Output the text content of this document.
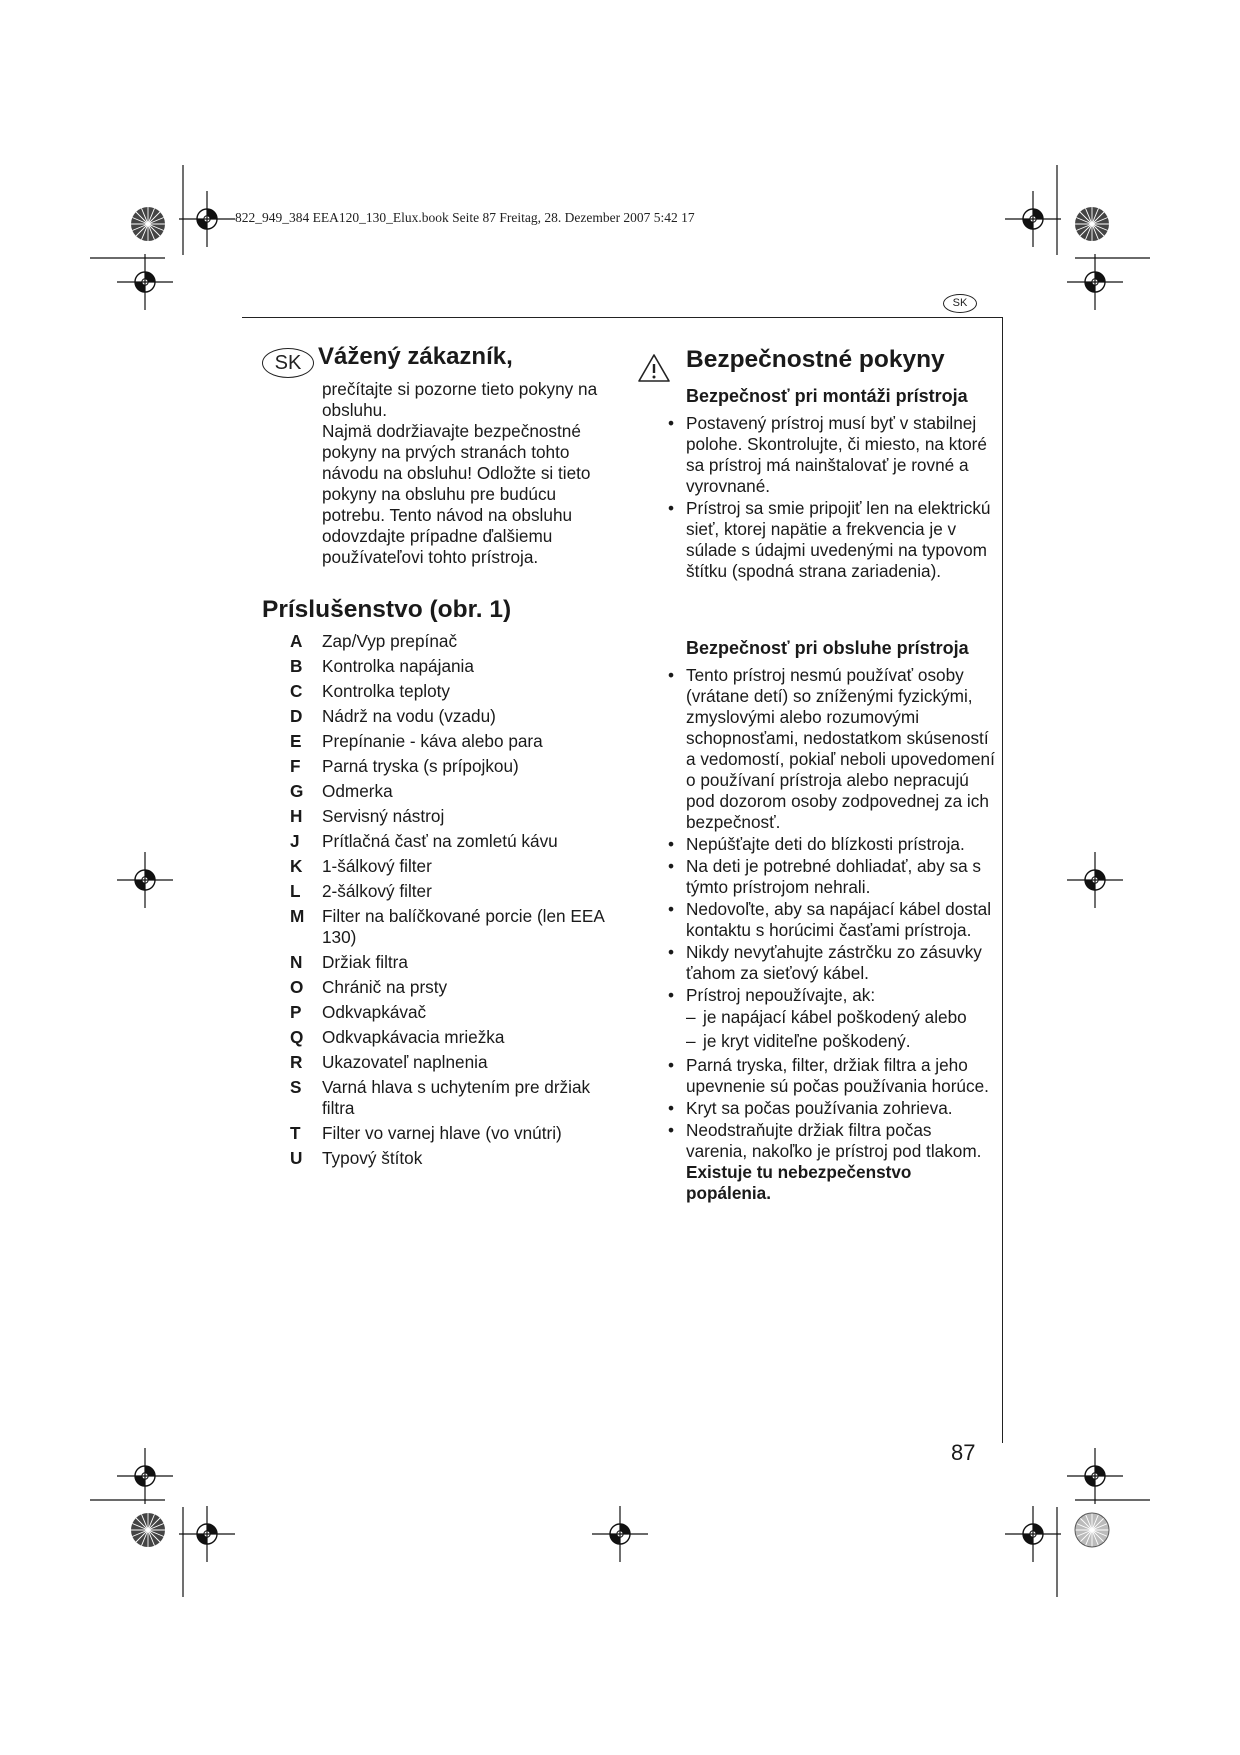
822_949_384 EEA120_130_Elux.book Seite 87 Freitag, 28. Dezember 2007 5:42 17
SK
SK Vážený zákazník,

prečítajte si pozorne tieto pokyny na obsluhu.

Najmä dodržiavajte bezpečnostné pokyny na prvých stranách tohto návodu na obsluhu! Odložte si tieto pokyny na obsluhu pre budúcu potrebu. Tento návod na obsluhu odovzdajte prípadne ďalšiemu používateľovi tohto prístroja.

Príslušenstvo (obr. 1)
A	Zap/Vyp prepínač
B	Kontrolka napájania
C	Kontrolka teploty
D	Nádrž na vodu (vzadu)
E	Prepínanie - káva alebo para
F	Parná tryska (s prípojkou)
G	Odmerka
H	Servisný nástroj
J	Prítlačná časť na zomletú kávu
K	1-šálkový filter
L	2-šálkový filter
M	Filter na balíčkované porcie (len EEA 130)
N	Držiak filtra
O	Chránič na prsty
P	Odkvapkávač
Q	Odkvapkávacia mriežka
R	Ukazovateľ naplnenia
S	Varná hlava s uchytením pre držiak filtra
T	Filter vo varnej hlave (vo vnútri)
U	Typový štítok
Bezpečnostné pokyny
Bezpečnosť pri montáži prístroja
• Postavený prístroj musí byť v stabilnej polohe. Skontrolujte, či miesto, na ktoré sa prístroj má nainštalovať je rovné a vyrovnané.
• Prístroj sa smie pripojiť len na elektrickú sieť, ktorej napätie a frekvencia je v súlade s údajmi uvedenými na typovom štítku (spodná strana zariadenia).
Bezpečnosť pri obsluhe prístroja
• Tento prístroj nesmú používať osoby (vrátane detí) so zníženými fyzickými, zmyslovými alebo rozumovými schopnosťami, nedostatkom skúseností a vedomostí, pokiaľ neboli upovedomení o používaní prístroja alebo nepracujú pod dozorom osoby zodpovednej za ich bezpečnosť.
• Nepúšťajte deti do blízkosti prístroja.
• Na deti je potrebné dohliadať, aby sa s týmto prístrojom nehrali.
• Nedovoľte, aby sa napájací kábel dostal kontaktu s horúcimi časťami prístroja.
• Nikdy nevyťahujte zástrčku zo zásuvky ťahom za sieťový kábel.
• Prístroj nepoužívajte, ak:
– je napájací kábel poškodený alebo
– je kryt viditeľne poškodený.
• Parná tryska, filter, držiak filtra a jeho upevnenie sú počas používania horúce.
• Kryt sa počas používania zohrieva.
• Neodstraňujte držiak filtra počas varenia, nakoľko je prístroj pod tlakom. Existuje tu nebezpečenstvo popálenia.
87
